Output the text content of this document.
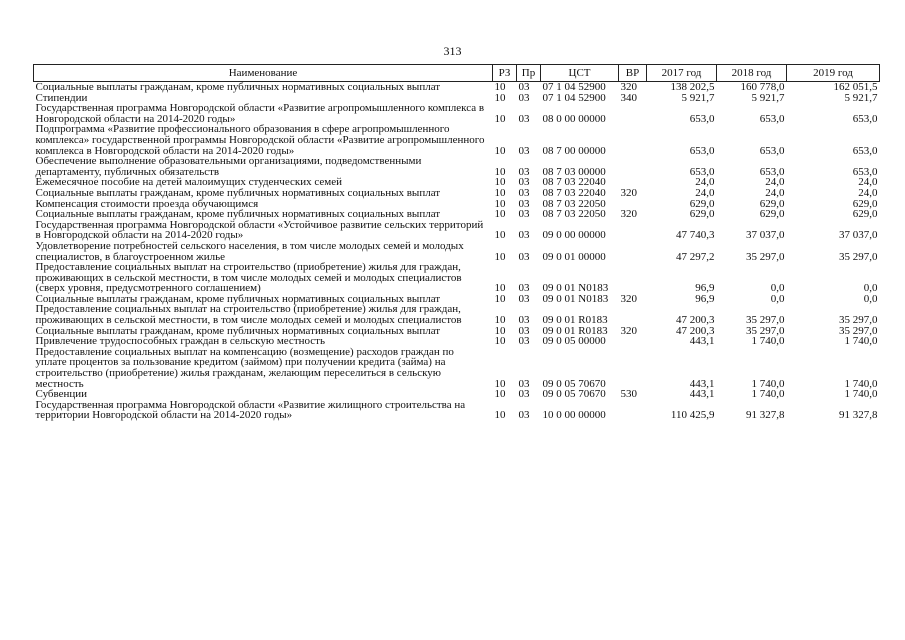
313
Наименование	РЗ	Пр	ЦСТ	ВР	2017 год	2018 год	2019 год
Социальные выплаты гражданам, кроме публичных нормативных социальных выплат	10	03	07 1 04 52900	320	138 202,5	160 778,0	162 051,5
Стипендии	10	03	07 1 04 52900	340	5 921,7	5 921,7	5 921,7
Государственная программа Новгородской области «Развитие агропромышленного комплекса в Новгородской области на 2014-2020 годы»	10	03	08 0 00 00000		653,0	653,0	653,0
Подпрограмма «Развитие профессионального образования в сфере агропромышленного комплекса» государственной программы Новгородской области «Развитие агропромышленного комплекса в Новгородской области на 2014-2020 годы»	10	03	08 7 00 00000		653,0	653,0	653,0
Обеспечение выполнение образовательными организациями, подведомственными департаменту, публичных обязательств	10	03	08 7 03 00000		653,0	653,0	653,0
Ежемесячное пособие на детей малоимущих студенческих семей	10	03	08 7 03 22040		24,0	24,0	24,0
Социальные выплаты гражданам, кроме публичных нормативных социальных выплат	10	03	08 7 03 22040	320	24,0	24,0	24,0
Компенсация стоимости проезда обучающимся	10	03	08 7 03 22050		629,0	629,0	629,0
Социальные выплаты гражданам, кроме публичных нормативных социальных выплат	10	03	08 7 03 22050	320	629,0	629,0	629,0
Государственная программа Новгородской области «Устойчивое развитие сельских территорий в Новгородской области на 2014-2020 годы»	10	03	09 0 00 00000		47 740,3	37 037,0	37 037,0
Удовлетворение потребностей сельского населения, в том числе молодых семей и молодых специалистов, в благоустроенном жилье	10	03	09 0 01 00000		47 297,2	35 297,0	35 297,0
Предоставление социальных выплат на строительство (приобретение) жилья для граждан, проживающих в сельской местности, в том числе молодых семей и молодых специалистов (сверх уровня, предусмотренного соглашением)	10	03	09 0 01 N0183		96,9	0,0	0,0
Социальные выплаты гражданам, кроме публичных нормативных социальных выплат	10	03	09 0 01 N0183	320	96,9	0,0	0,0
Предоставление социальных выплат на строительство (приобретение) жилья для граждан, проживающих в сельской местности, в том числе молодых семей и молодых специалистов	10	03	09 0 01 R0183		47 200,3	35 297,0	35 297,0
Социальные выплаты гражданам, кроме публичных нормативных социальных выплат	10	03	09 0 01 R0183	320	47 200,3	35 297,0	35 297,0
Привлечение трудоспособных граждан в сельскую местность	10	03	09 0 05 00000		443,1	1 740,0	1 740,0
Предоставление социальных выплат на компенсацию (возмещение) расходов граждан по уплате процентов за пользование кредитом (займом) при получении кредита (займа) на строительство (приобретение) жилья гражданам, желающим переселиться в сельскую местность	10	03	09 0 05 70670		443,1	1 740,0	1 740,0
Субвенции	10	03	09 0 05 70670	530	443,1	1 740,0	1 740,0
Государственная программа Новгородской области «Развитие жилищного строительства на территории Новгородской области на 2014-2020 годы»	10	03	10 0 00 00000		110 425,9	91 327,8	91 327,8
